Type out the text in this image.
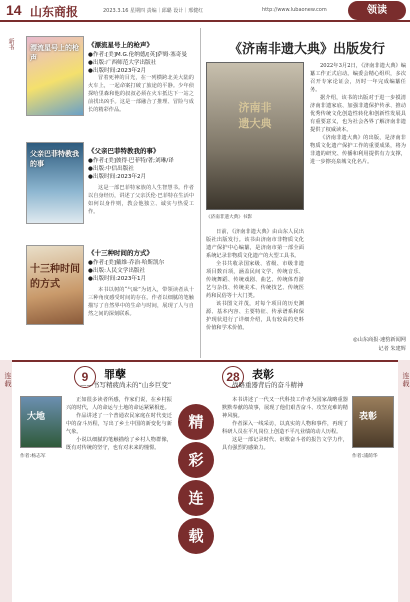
14 山东商报	2023.3.16 星期四 责编｜邱璐 设计｜邢健红	http://www.lubaonew.com	领读
新书 漂流星号上的枪声
《漂流星号上的枪声》
●作者:[美]M.G.伦纳德/[英]萨姆·塞奇曼
●出版:广西师范大学出版社
●出版时间:2023年2月
冒着死神的目光，在一列横跨北美大陆的火车上，一起命案打破了旅途的平静。少年侦探哈里森和他的叔叔必须在火车抵达下一站之前找出凶手。这是一部融合了推理、冒险与成长的精彩作品。
父亲巴菲特教我的事
《父亲巴菲特教我的事》
●作者:[美]彼得·巴菲特/著;刘琳/译
●出版:中信出版社
●出版时间:2023年2月
这是一部巴菲特家族的人生智慧书。作者以自身经历，讲述了父亲沃伦·巴菲特在生活中如何以身作则，教会他独立、诚实与热爱工作。
十三种时间的方式
《十三种时间的方式》
●作者:[美]戴维·乔治·哈斯凯尔
●出版:人民文学出版社
●出版时间:2023年1月
本书以树的“气味”为切入，带领读者从十三种角度感受时间的存在。作者以细腻的笔触描写了自然界中的生命与时间，展现了人与自然之间的深刻联系。
《济南非遗大典》出版发行
济南非遗大典
《济南非遗大典》书影

2022年3月2日，《济南非遗大典》编纂工作正式启动。编委会精心组织，多次召开专家论证会，历时一年完成编纂任务。

据介绍，该书的出版对于进一步摸清济南非遗家底、加强非遗保护传承、推动优秀传统文化创造性转化和创新性发展具有重要意义，也为社会各界了解济南非遗提供了权威读本。

《济南非遗大典》的出版，是济南非物质文化遗产保护工作的重要成果，将为非遗的研究、传播和利用提供有力支撑，进一步擦亮泉城文化名片。

日前，《济南非遗大典》由山东人民出版社出版发行。该书由济南市非物质文化遗产保护中心编纂，是济南市第一部全面系统记录非物质文化遗产的大型工具书。

全书共收录国家级、省级、市级非遗项目数百项，涵盖民间文学、传统音乐、传统舞蹈、传统戏剧、曲艺、传统体育游艺与杂技、传统美术、传统技艺、传统医药和民俗等十大门类。

该书图文并茂，对每个项目的历史渊源、基本内容、主要特征、传承谱系和保护现状进行了详细介绍，具有较高的史料价值和学术价值。

◎山东商报·速豹新闻网
记者 朱建辉
连载	连载
9	罪孽
——书写精疲尚未的“山乡巨变”
大地
作者:杨志军

正如很多读者所感，作家们说，在乡村振兴的时代，人的命运与土地的命运紧紧相连。

作品讲述了一个普通农民家庭在时代变迁中的奋斗历程，写出了乡土中国的新变化与新气象。

小说以细腻的笔触描绘了乡村人物群像，既有对传统的坚守，也有对未来的憧憬。

精
彩
连
载
28	表彰
战略重器背后的奋斗精神
表彰
作者:浦荫华

本书讲述了一代又一代科技工作者为国家战略重器默默奉献的故事，展现了他们艰苦奋斗、攻坚克难的精神风貌。

作者深入一线采访，以真实的人物和事件，再现了科研人员在平凡岗位上创造不平凡业绩的动人历程。

这是一部记录时代、讴歌奋斗者的报告文学力作，具有强烈的感染力。
